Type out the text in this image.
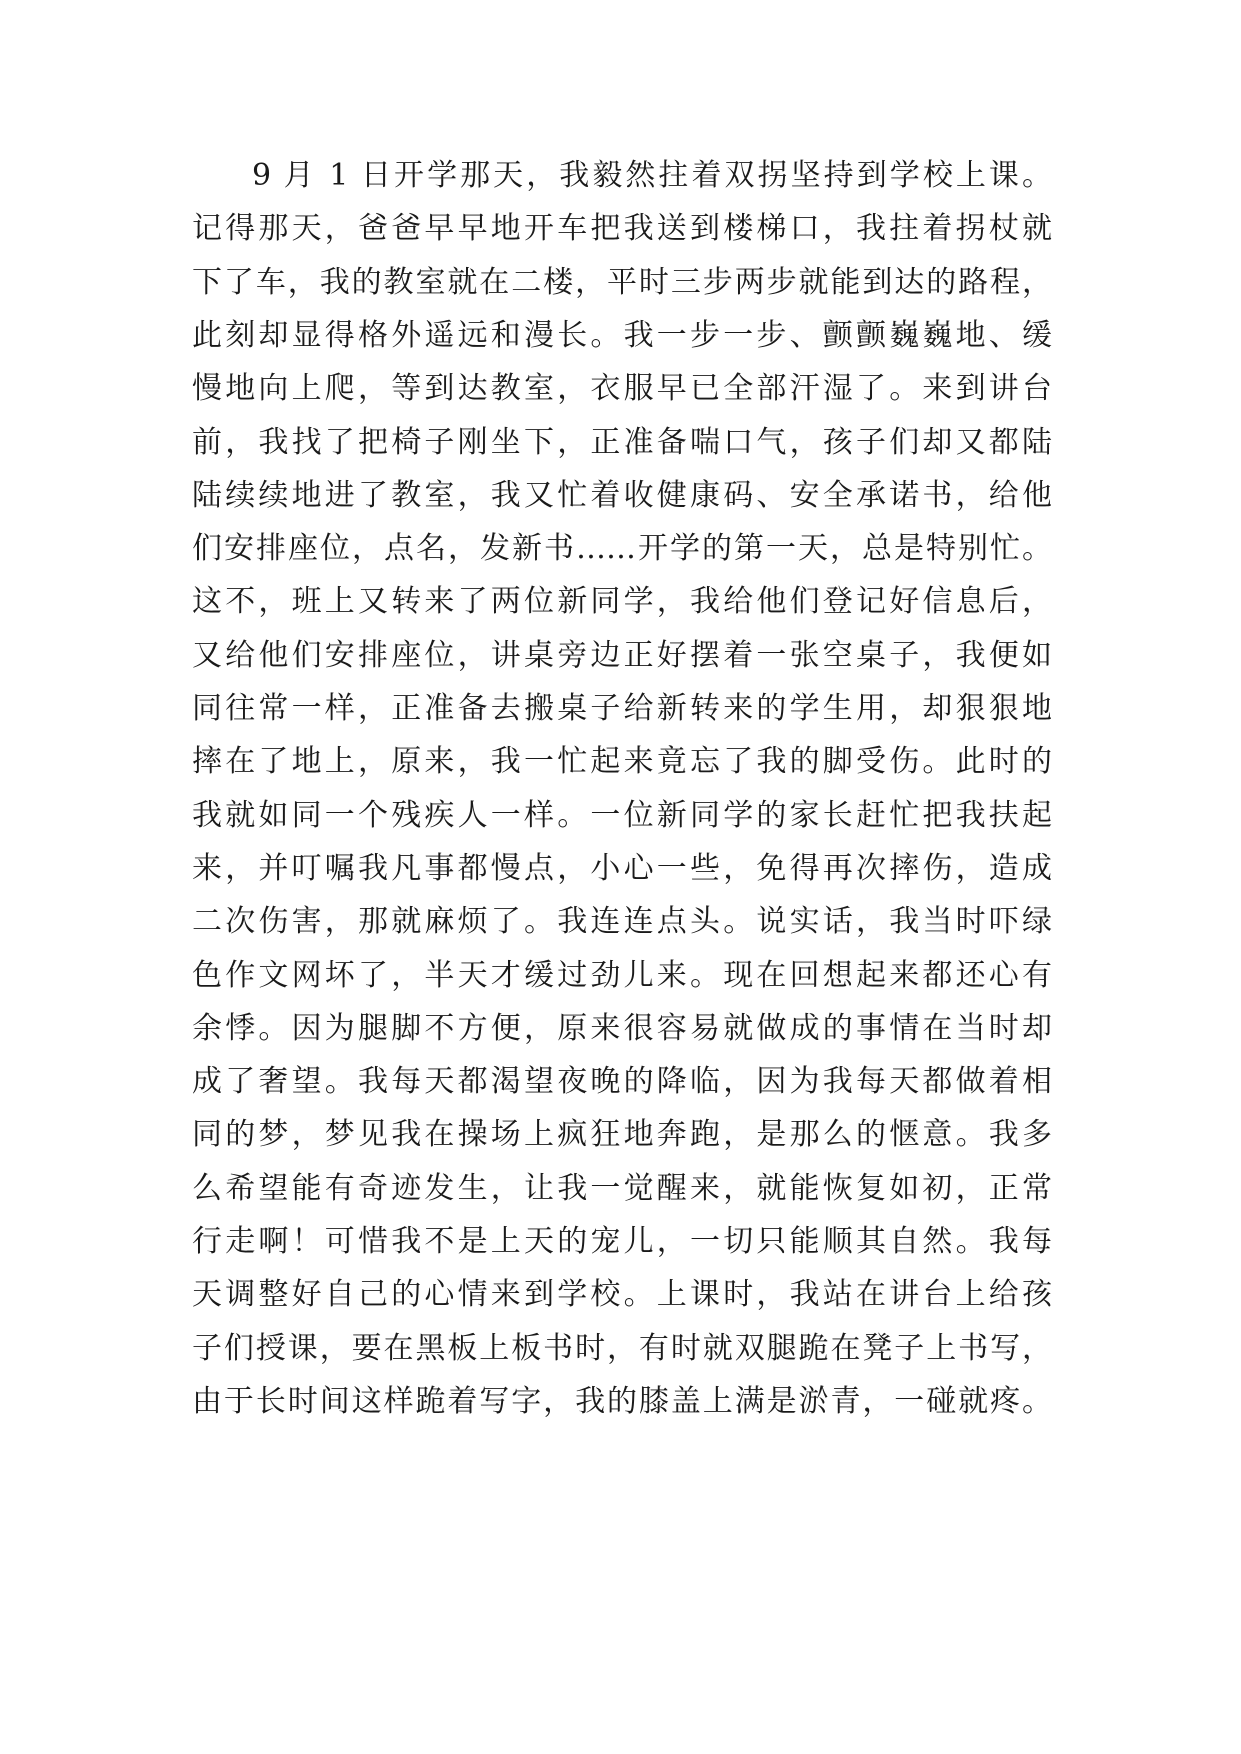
9 月 1 日开学那天，我毅然拄着双拐坚持到学校上课。
记得那天，爸爸早早地开车把我送到楼梯口，我拄着拐杖就
下了车，我的教室就在二楼，平时三步两步就能到达的路程，
此刻却显得格外遥远和漫长。我一步一步、颤颤巍巍地、缓
慢地向上爬，等到达教室，衣服早已全部汗湿了。来到讲台
前，我找了把椅子刚坐下，正准备喘口气，孩子们却又都陆
陆续续地进了教室，我又忙着收健康码、安全承诺书，给他
们安排座位，点名，发新书……开学的第一天，总是特别忙。
这不，班上又转来了两位新同学，我给他们登记好信息后，
又给他们安排座位，讲桌旁边正好摆着一张空桌子，我便如
同往常一样，正准备去搬桌子给新转来的学生用，却狠狠地
摔在了地上，原来，我一忙起来竟忘了我的脚受伤。此时的
我就如同一个残疾人一样。一位新同学的家长赶忙把我扶起
来，并叮嘱我凡事都慢点，小心一些，免得再次摔伤，造成
二次伤害，那就麻烦了。我连连点头。说实话，我当时吓绿
色作文网坏了，半天才缓过劲儿来。现在回想起来都还心有
余悸。因为腿脚不方便，原来很容易就做成的事情在当时却
成了奢望。我每天都渴望夜晚的降临，因为我每天都做着相
同的梦，梦见我在操场上疯狂地奔跑，是那么的惬意。我多
么希望能有奇迹发生，让我一觉醒来，就能恢复如初，正常
行走啊！可惜我不是上天的宠儿，一切只能顺其自然。我每
天调整好自己的心情来到学校。上课时，我站在讲台上给孩
子们授课，要在黑板上板书时，有时就双腿跪在凳子上书写，
由于长时间这样跪着写字，我的膝盖上满是淤青，一碰就疼。
